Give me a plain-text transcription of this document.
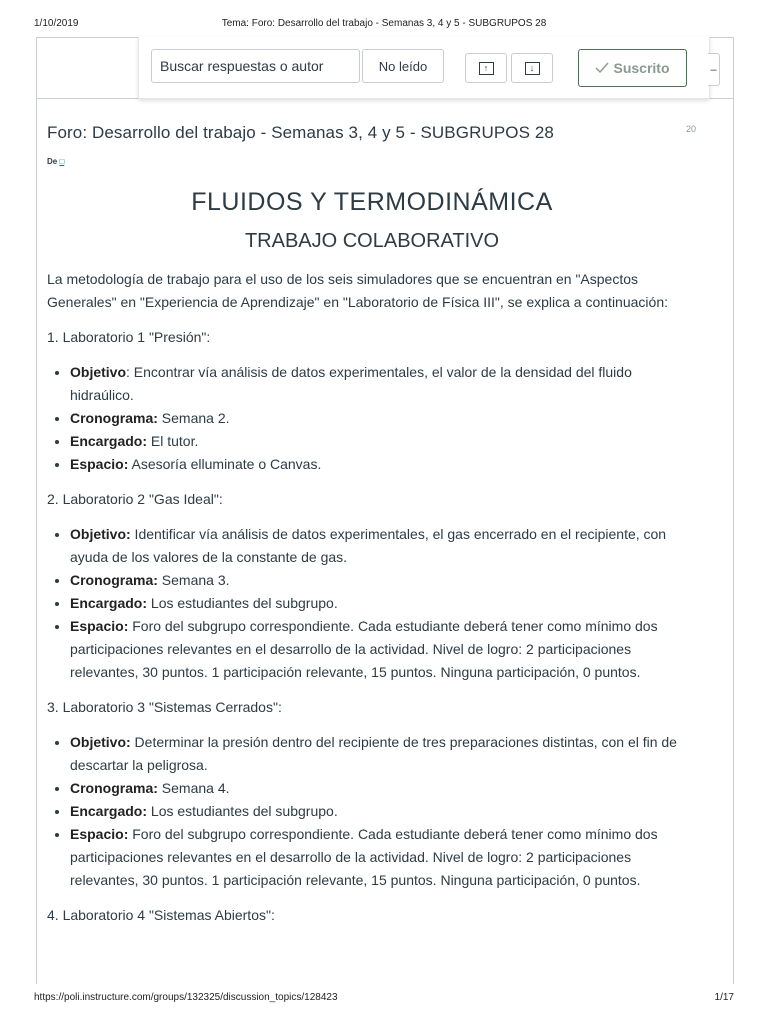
1/10/2019	Tema: Foro: Desarrollo del trabajo - Semanas 3, 4 y 5 - SUBGRUPOS 28
Buscar respuestas o autor
No leído	↑	↓	Suscrito	–
Foro: Desarrollo del trabajo - Semanas 3, 4 y 5 - SUBGRUPOS 28	20
De □
FLUIDOS Y TERMODINÁMICA
TRABAJO COLABORATIVO

La metodología de trabajo para el uso de los seis simuladores que se encuentran en "Aspectos Generales" en "Experiencia de Aprendizaje" en "Laboratorio de Física III", se explica a continuación:

1. Laboratorio 1 "Presión":

• Objetivo: Encontrar vía análisis de datos experimentales, el valor de la densidad del fluido hidraúlico.
• Cronograma: Semana 2.
• Encargado: El tutor.
• Espacio: Asesoría elluminate o Canvas.

2. Laboratorio 2 "Gas Ideal":

• Objetivo: Identificar vía análisis de datos experimentales, el gas encerrado en el recipiente, con ayuda de los valores de la constante de gas.
• Cronograma: Semana 3.
• Encargado: Los estudiantes del subgrupo.
• Espacio: Foro del subgrupo correspondiente. Cada estudiante deberá tener como mínimo dos participaciones relevantes en el desarrollo de la actividad. Nivel de logro: 2 participaciones relevantes, 30 puntos. 1 participación relevante, 15 puntos. Ninguna participación, 0 puntos.

3. Laboratorio 3 "Sistemas Cerrados":

• Objetivo: Determinar la presión dentro del recipiente de tres preparaciones distintas, con el fin de descartar la peligrosa.
• Cronograma: Semana 4.
• Encargado: Los estudiantes del subgrupo.
• Espacio: Foro del subgrupo correspondiente. Cada estudiante deberá tener como mínimo dos participaciones relevantes en el desarrollo de la actividad. Nivel de logro: 2 participaciones relevantes, 30 puntos. 1 participación relevante, 15 puntos. Ninguna participación, 0 puntos.

4. Laboratorio 4 "Sistemas Abiertos":

https://poli.instructure.com/groups/132325/discussion_topics/128423	1/17
